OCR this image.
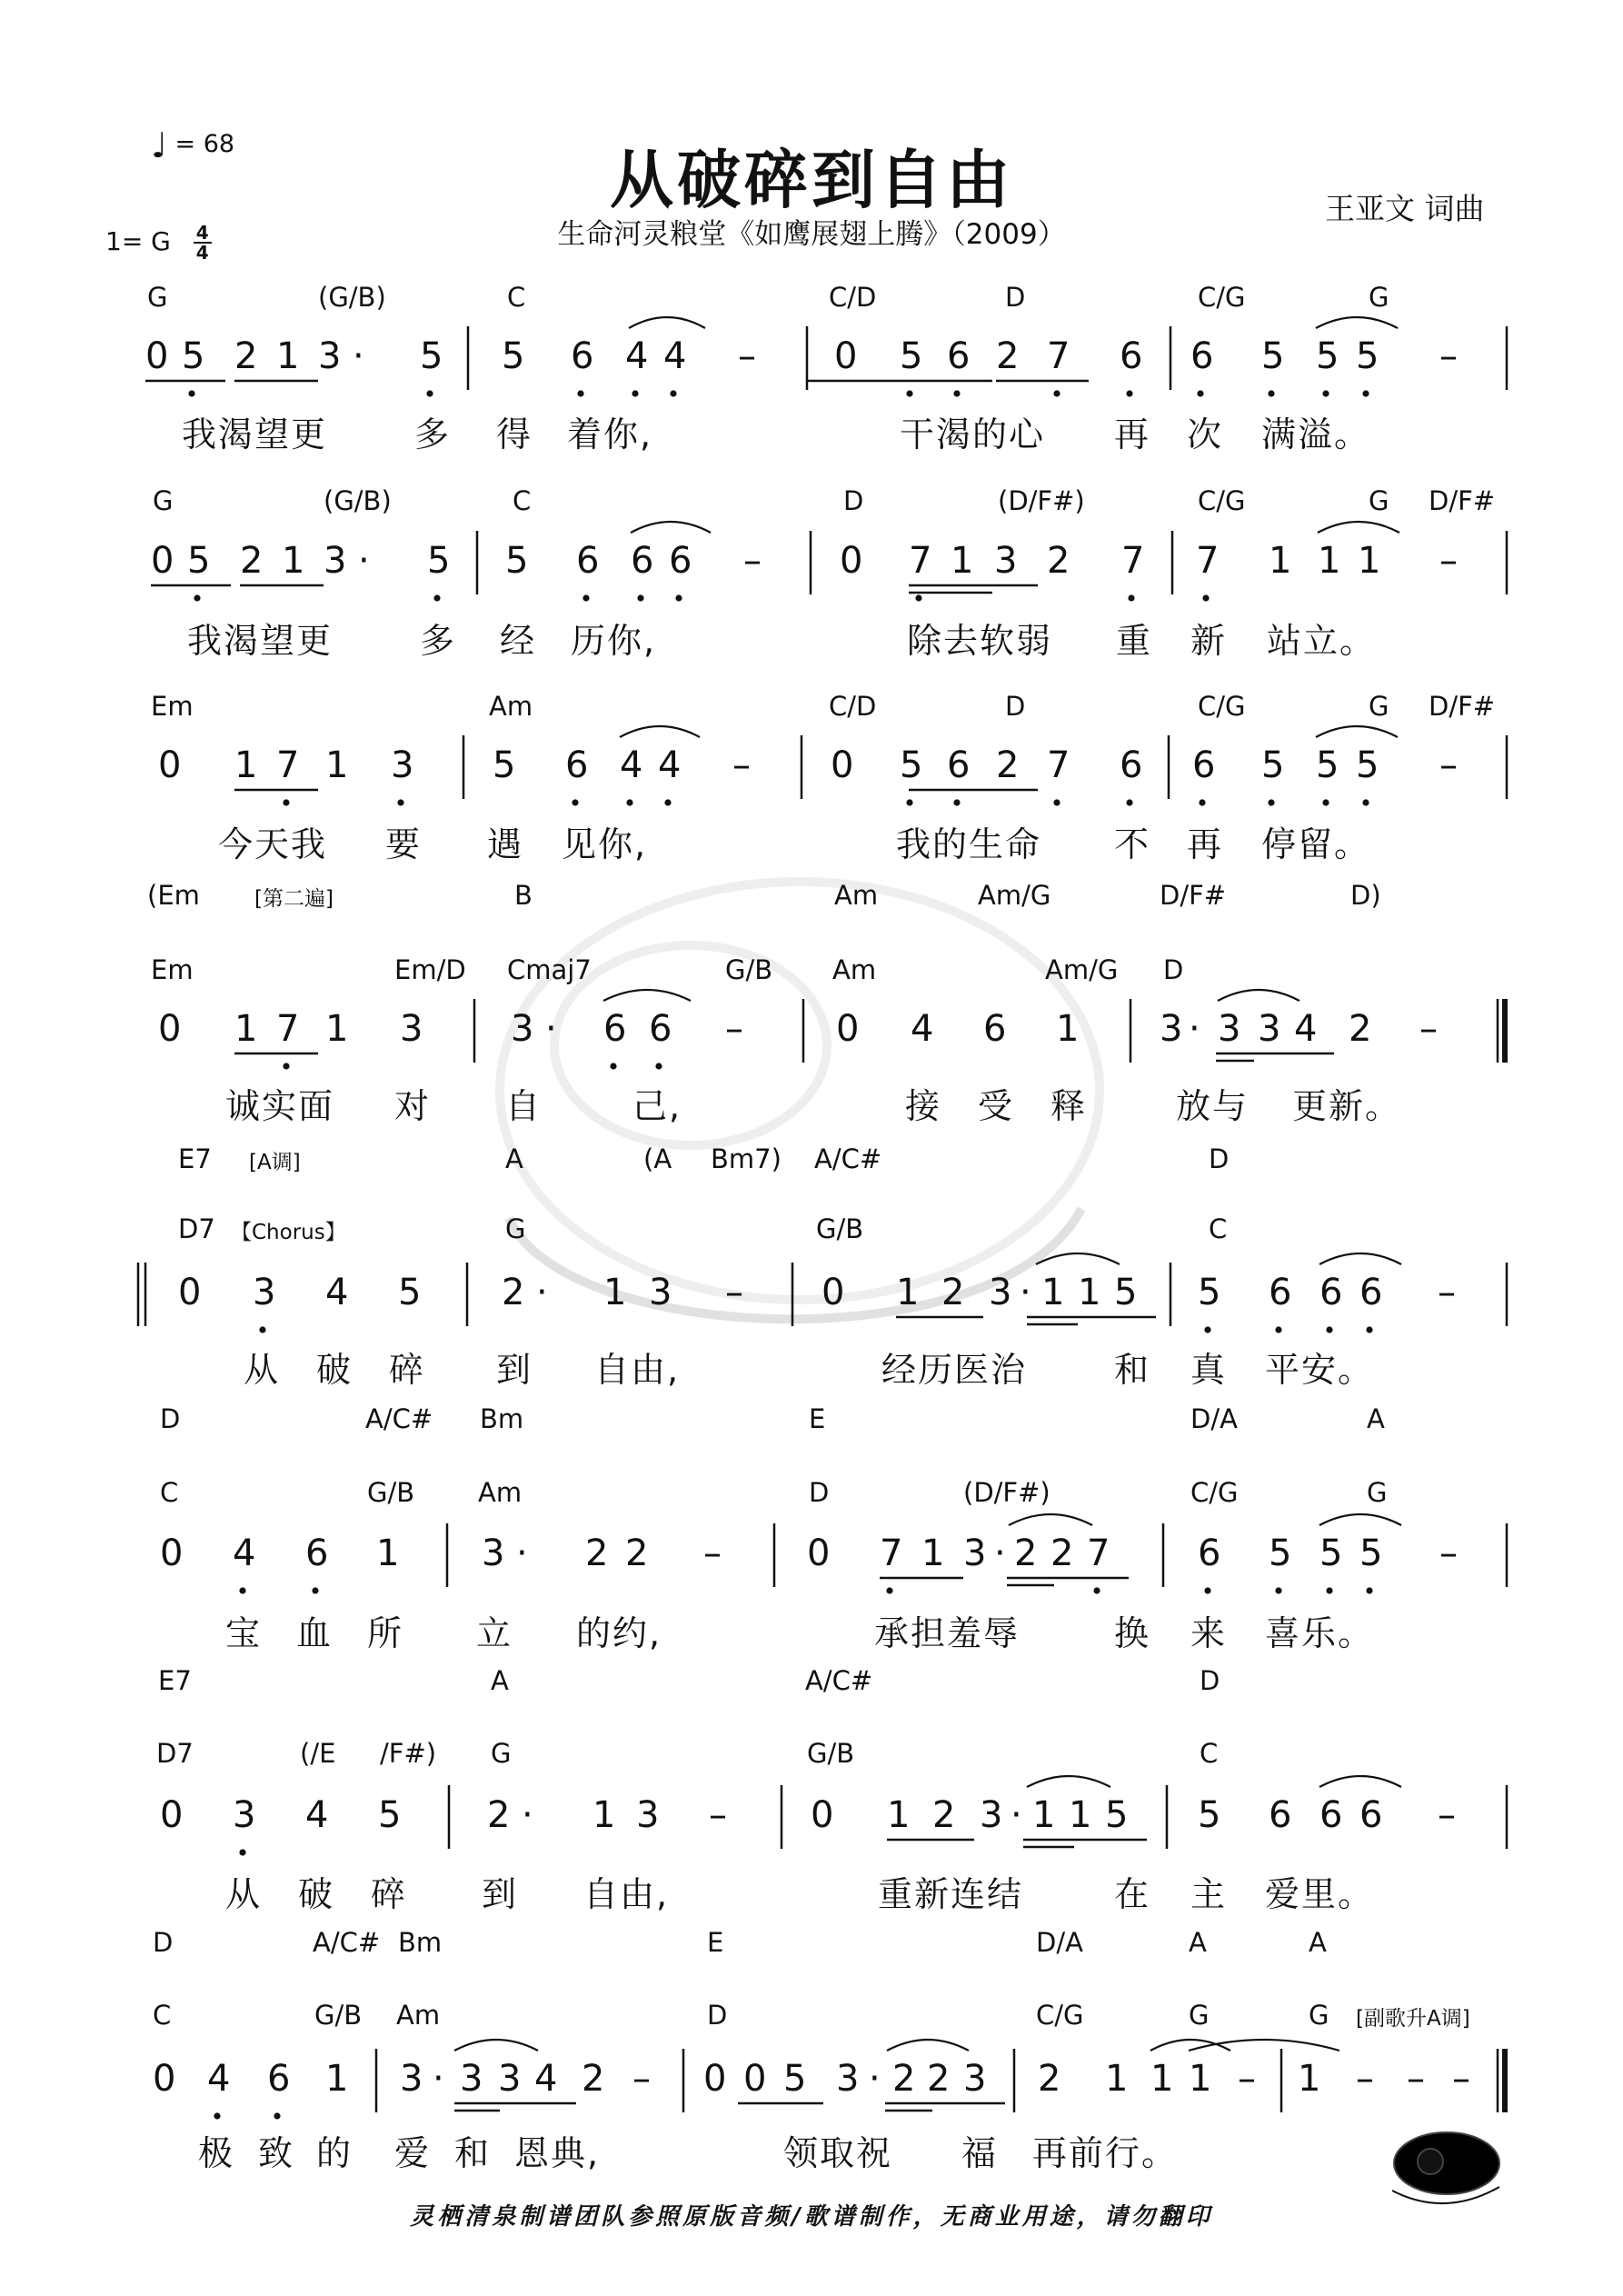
♩ = 68	从破碎到自由
生命河灵粮堂《如鹰展翅上腾》（2009）
王亚文 词曲
1= G $\frac{4}{4}$
G	(G/B)	C	C/D	D	C/G	G
0 5 2 1 3 · 5 5 6 4 4 – 0 5 6 2 7 6 6 5 5 5 –
我渴望更	多 得 着你,	干渴的心 再 次 满溢。
G	(G/B)	C	D	(D/F#)	C/G	G D/F#
0 5 2 1 3 · 5 5 6 6 6 – 0 7 1 3 2 7 7 1 1 1 –
我渴望更	多 经 历你,	除去软弱 重 新 站立。
Em	Am	C/D	D	C/G	G D/F#
0 1 7 1 3 5 6 4 4 – 0 5 6 2 7 6 6 5 5 5 –
今天我 要 遇 见你,	我的生命 不 再 停留。
(Em	B	Am	Am/G	D/F#	D)
Em	Em/D Cmaj7	G/B Am	Am/G D
[第二遍]
0 1 7 1 3 3 · 6 6 –	0 4 6 1 3 · 3 3 4 2 –
诚实面 对 自	己,	接 受 释	放与 更新。
E7	A	(A Bm7) A/C#	D
D7	G	G/B	C
[A调]
【Chorus】
0 3 4 5 2 · 1 3 – 0 1 2 3 · 1 1 5 5 6 6 6 –
从 破 碎 到 自由,	经历医治	和 真 平安。
D	A/C# Bm	E	D/A	A
C	G/B Am	D	(D/F#)	C/G	G
0 4 6 1 3 · 2 2 – 0 7 1 3 · 2 2 7 6 5 5 5 –
宝 血 所 立 的约,	承担羞辱	换 来 喜乐。
E7	A	A/C#	D
D7	(/E /F#) G	G/B	C
0 3 4 5 2 · 1 3 – 0 1 2 3 · 1 1 5 5 6 6 6 –
从 破 碎 到 自由,	重新连结	在 主 爱里。
D	A/C# Bm	E	D/A	A	A
C	G/B Am	D	C/G	G	G [副歌升A调]
0 4 6 1 3 · 3 3 4 2 – 0 0 5 3 · 2 2 3 2 1 1 1 – 1 – – –
极 致 的 爱 和 恩典,	领取祝 福 再前行。
灵栖清泉制谱团队参照原版音频/歌谱制作，无商业用途，请勿翻印
